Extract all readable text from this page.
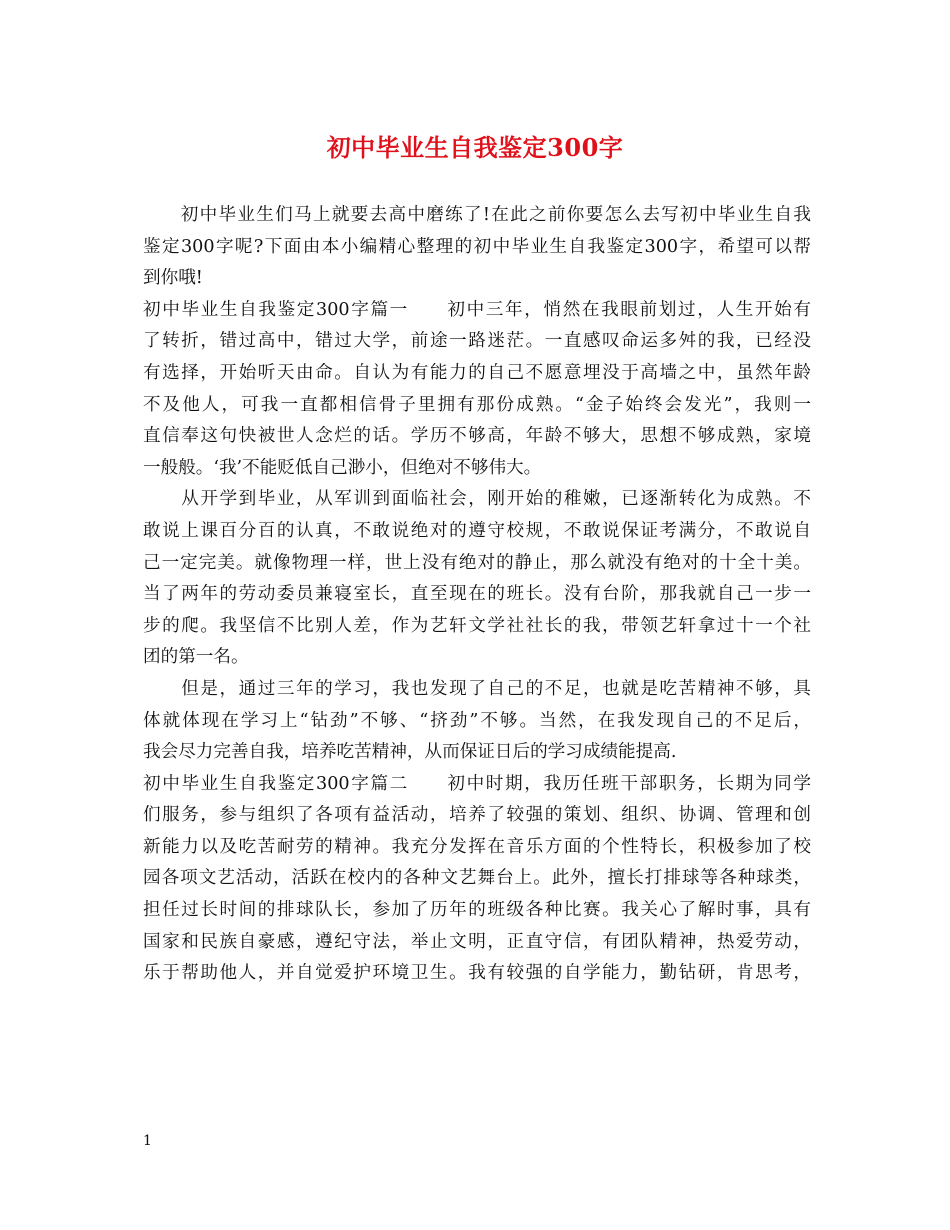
初中毕业生自我鉴定300字
　　初中毕业生们马上就要去高中磨练了!在此之前你要怎么去写初中毕业生自我
鉴定300字呢?下面由本小编精心整理的初中毕业生自我鉴定300字，希望可以帮
到你哦!
初中毕业生自我鉴定300字篇一　　初中三年，悄然在我眼前划过，人生开始有
了转折，错过高中，错过大学，前途一路迷茫。一直感叹命运多舛的我，已经没
有选择，开始听天由命。自认为有能力的自己不愿意埋没于高墙之中，虽然年龄
不及他人，可我一直都相信骨子里拥有那份成熟。“金子始终会发光”，我则一
直信奉这句快被世人念烂的话。学历不够高，年龄不够大，思想不够成熟，家境
一般般。‘我’不能贬低自己渺小，但绝对不够伟大。
　　从开学到毕业，从军训到面临社会，刚开始的稚嫩，已逐渐转化为成熟。不
敢说上课百分百的认真，不敢说绝对的遵守校规，不敢说保证考满分，不敢说自
己一定完美。就像物理一样，世上没有绝对的静止，那么就没有绝对的十全十美。
当了两年的劳动委员兼寝室长，直至现在的班长。没有台阶，那我就自己一步一
步的爬。我坚信不比别人差，作为艺轩文学社社长的我，带领艺轩拿过十一个社
团的第一名。
　　但是，通过三年的学习，我也发现了自己的不足，也就是吃苦精神不够，具
体就体现在学习上“钻劲”不够、“挤劲”不够。当然，在我发现自己的不足后，
我会尽力完善自我，培养吃苦精神，从而保证日后的学习成绩能提高.
初中毕业生自我鉴定300字篇二　　初中时期，我历任班干部职务，长期为同学
们服务，参与组织了各项有益活动，培养了较强的策划、组织、协调、管理和创
新能力以及吃苦耐劳的精神。我充分发挥在音乐方面的个性特长，积极参加了校
园各项文艺活动，活跃在校内的各种文艺舞台上。此外，擅长打排球等各种球类，
担任过长时间的排球队长，参加了历年的班级各种比赛。我关心了解时事，具有
国家和民族自豪感，遵纪守法，举止文明，正直守信，有团队精神，热爱劳动，
乐于帮助他人，并自觉爱护环境卫生。我有较强的自学能力，勤钻研，肯思考，

1
